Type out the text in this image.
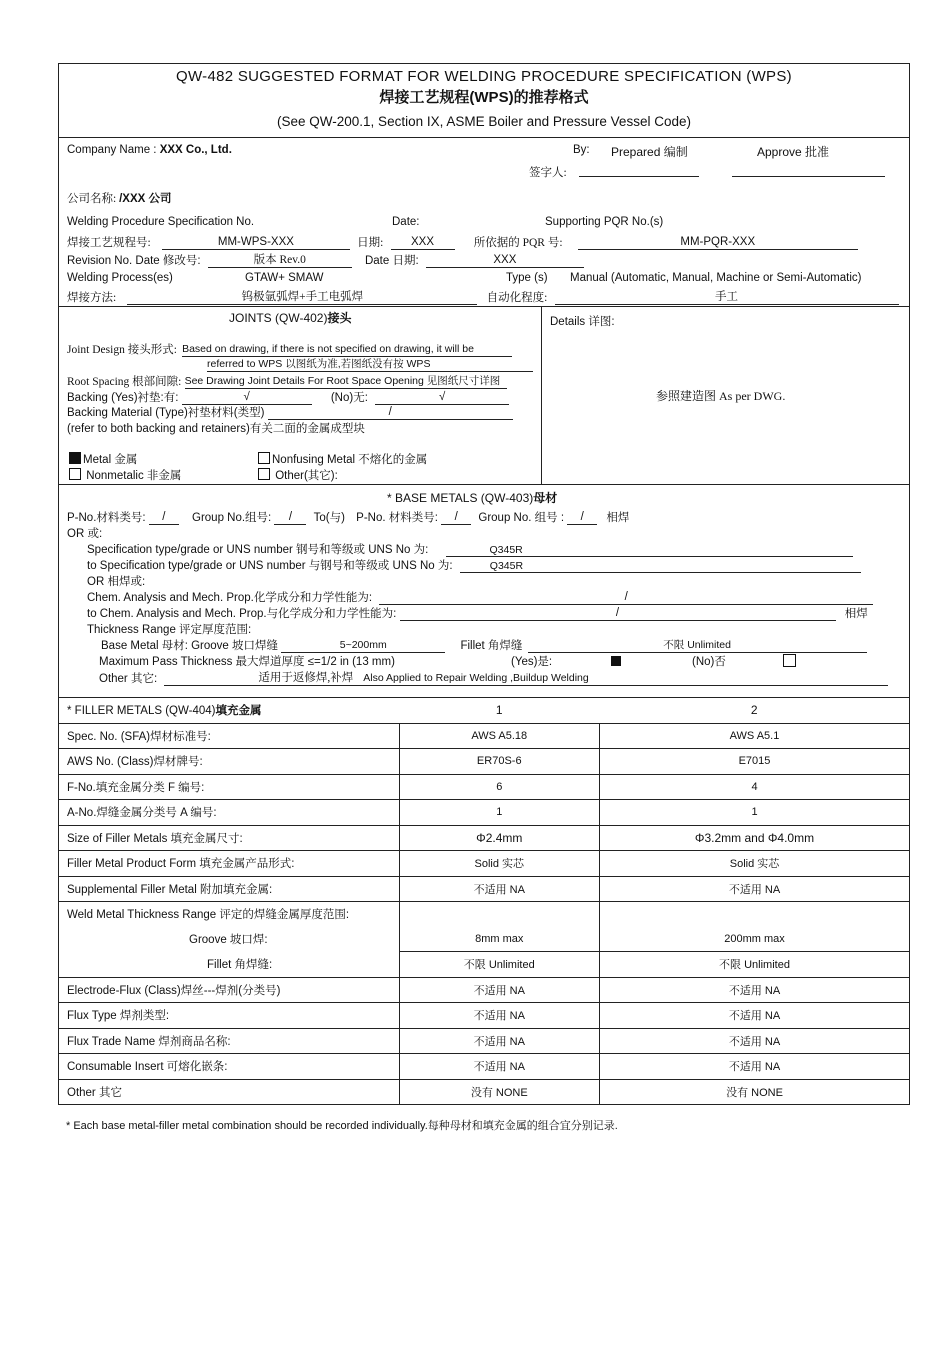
QW-482 SUGGESTED FORMAT FOR WELDING PROCEDURE SPECIFICATION (WPS)
焊接工艺规程(WPS)的推荐格式
(See QW-200.1, Section IX, ASME Boiler and Pressure Vessel Code)
Company Name : XXX Co., Ltd.	By: Prepared 编制	Approve 批准
签字人:
公司名称: /XXX 公司
Welding Procedure Specification No.	Date:	Supporting PQR No.(s)
焊接工艺规程号:	MM-WPS-XXX	日期: XXX	所依据的 PQR 号:	MM-PQR-XXX
Revision No. Date 修改号:	版本 Rev.0	Date 日期:	XXX
Welding Process(es)	GTAW+ SMAW	Type (s) Manual (Automatic, Manual, Machine or Semi-Automatic)
焊接方法:	钨极氩弧焊+手工电弧焊	自动化程度:	手工
JOINTS (QW-402)接头	Details 详图:
参照建造图 As per DWG.
Joint Design 接头形式: Based on drawing, if there is not specified on drawing, it will be
referred to WPS 以图纸为准,若图纸没有按 WPS
Root Spacing 根部间隙: See Drawing Joint Details For Root Space Opening 见图纸尺寸详图
Backing (Yes)衬垫:有:	√	(No)无:	√
Backing Material (Type)衬垫材料(类型)	/
(refer to both backing and retainers)有关二面的金属成型块
Metal 金属	Nonfusing Metal 不熔化的金属
Nonmetalic 非金属	Other(其它):
* BASE METALS (QW-403)母材
P-No.材料类号: / Group No.组号: / To(与) P-No. 材料类号: / Group No. 组号 : / 相焊
OR 或:
Specification type/grade or UNS number 钢号和等级或 UNS No 为:	Q345R
to Specification type/grade or UNS number 与钢号和等级或 UNS No 为:	Q345R
OR 相焊或:
Chem. Analysis and Mech. Prop.化学成分和力学性能为:	/
to Chem. Analysis and Mech. Prop.与化学成分和力学性能为:	/	相焊
Thickness Range 评定厚度范围:
Base Metal 母材: Groove 坡口焊缝	5~200mm	Fillet 角焊缝	不限 Unlimited
Maximum Pass Thickness 最大焊道厚度 ≤=1/2 in (13 mm)	(Yes)是:	(No)否
Other 其它:	适用于返修焊,补焊 Also Applied to Repair Welding ,Buildup Welding
* FILLER METALS (QW-404)填充金属	1	2
Spec. No. (SFA)焊材标准号:	AWS A5.18	AWS A5.1
AWS No. (Class)焊材牌号:	ER70S-6	E7015
F-No.填充金属分类 F 编号:	6	4
A-No.焊缝金属分类号 A 编号:	1	1
Size of Filler Metals 填充金属尺寸:	Φ2.4mm	Φ3.2mm and Φ4.0mm
Filler Metal Product Form 填充金属产品形式:	Solid 实芯	Solid 实芯
Supplemental Filler Metal 附加填充金属:	不适用 NA	不适用 NA
Weld Metal Thickness Range 评定的焊缝金属厚度范围:		
Groove 坡口焊:	8mm max	200mm max
Fillet 角焊缝:	不限 Unlimited	不限 Unlimited
Electrode-Flux (Class)焊丝---焊剂(分类号)	不适用 NA	不适用 NA
Flux Type 焊剂类型:	不适用 NA	不适用 NA
Flux Trade Name 焊剂商品名称:	不适用 NA	不适用 NA
Consumable Insert 可熔化嵌条:	不适用 NA	不适用 NA
Other 其它	没有 NONE	没有 NONE
* Each base metal-filler metal combination should be recorded individually.每种母材和填充金属的组合宜分别记录.
